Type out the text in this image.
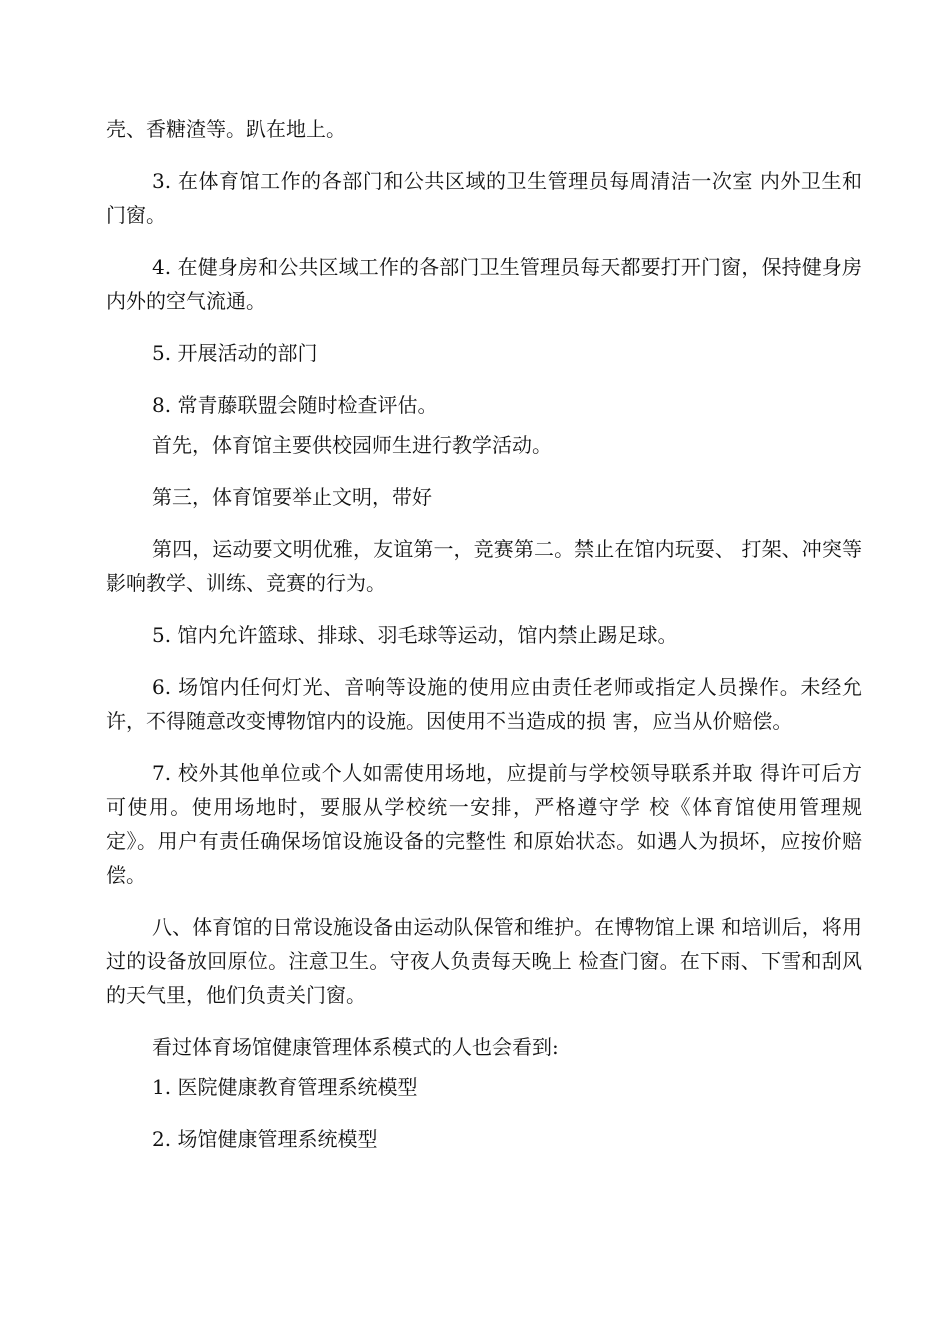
壳、香糖渣等。趴在地上。

3. 在体育馆工作的各部门和公共区域的卫生管理员每周清洁一次室 内外卫生和门窗。

4. 在健身房和公共区域工作的各部门卫生管理员每天都要打开门窗，保持健身房内外的空气流通。

5. 开展活动的部门

8. 常青藤联盟会随时检查评估。

首先，体育馆主要供校园师生进行教学活动。

第三，体育馆要举止文明，带好

第四，运动要文明优雅，友谊第一，竞赛第二。禁止在馆内玩耍、 打架、冲突等影响教学、训练、竞赛的行为。

5. 馆内允许篮球、排球、羽毛球等运动，馆内禁止踢足球。

6. 场馆内任何灯光、音响等设施的使用应由责任老师或指定人员操作。未经允许，不得随意改变博物馆内的设施。因使用不当造成的损 害，应当从价赔偿。

7. 校外其他单位或个人如需使用场地，应提前与学校领导联系并取 得许可后方可使用。使用场地时，要服从学校统一安排，严格遵守学 校《体育馆使用管理规定》。用户有责任确保场馆设施设备的完整性 和原始状态。如遇人为损坏，应按价赔偿。

八、体育馆的日常设施设备由运动队保管和维护。在博物馆上课 和培训后，将用过的设备放回原位。注意卫生。守夜人负责每天晚上 检查门窗。在下雨、下雪和刮风的天气里，他们负责关门窗。

看过体育场馆健康管理体系模式的人也会看到:

1. 医院健康教育管理系统模型

2. 场馆健康管理系统模型
